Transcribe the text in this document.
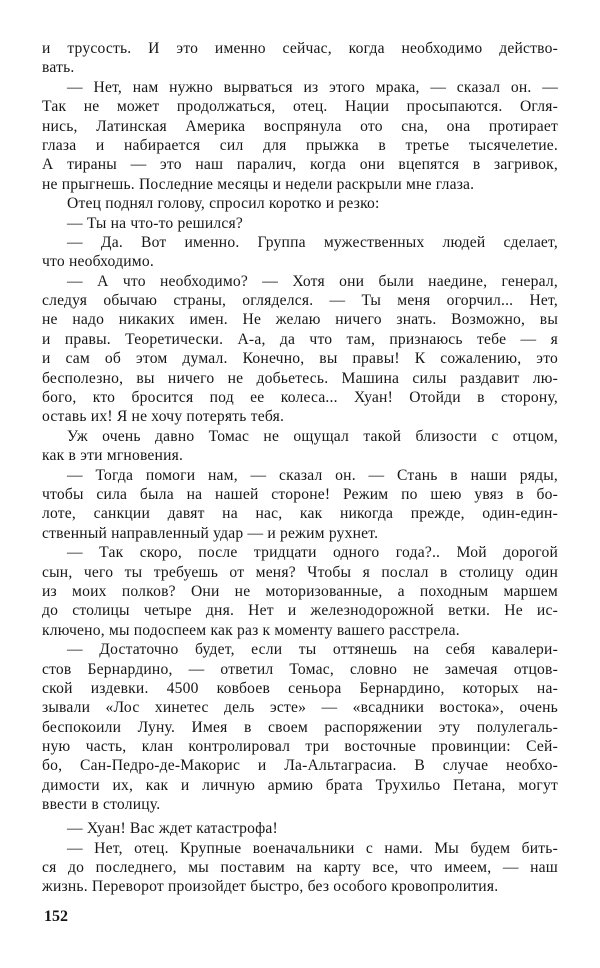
и трусость. И это именно сейчас, когда необходимо действо-
вать.
— Нет, нам нужно вырваться из этого мрака, — сказал он. —
Так не может продолжаться, отец. Нации просыпаются. Огля-
нись, Латинская Америка воспрянула ото сна, она протирает
глаза и набирается сил для прыжка в третье тысячелетие.
А тираны — это наш паралич, когда они вцепятся в загривок,
не прыгнешь. Последние месяцы и недели раскрыли мне глаза.
Отец поднял голову, спросил коротко и резко:
— Ты на что-то решился?
— Да. Вот именно. Группа мужественных людей сделает,
что необходимо.
— А что необходимо? — Хотя они были наедине, генерал,
следуя обычаю страны, огляделся. — Ты меня огорчил... Нет,
не надо никаких имен. Не желаю ничего знать. Возможно, вы
и правы. Теоретически. А-а, да что там, признаюсь тебе — я
и сам об этом думал. Конечно, вы правы! К сожалению, это
бесполезно, вы ничего не добьетесь. Машина силы раздавит лю-
бого, кто бросится под ее колеса... Хуан! Отойди в сторону,
оставь их! Я не хочу потерять тебя.
Уж очень давно Томас не ощущал такой близости с отцом,
как в эти мгновения.
— Тогда помоги нам, — сказал он. — Стань в наши ряды,
чтобы сила была на нашей стороне! Режим по шею увяз в бо-
лоте, санкции давят на нас, как никогда прежде, один-един-
ственный направленный удар — и режим рухнет.
— Так скоро, после тридцати одного года?.. Мой дорогой
сын, чего ты требуешь от меня? Чтобы я послал в столицу один
из моих полков? Они не моторизованные, а походным маршем
до столицы четыре дня. Нет и железнодорожной ветки. Не ис-
ключено, мы подоспеем как раз к моменту вашего расстрела.
— Достаточно будет, если ты оттянешь на себя кавалери-
стов Бернардино, — ответил Томас, словно не замечая отцов-
ской издевки. 4500 ковбоев сеньора Бернардино, которых на-
зывали «Лос хинетес дель эсте» — «всадники востока», очень
беспокоили Луну. Имея в своем распоряжении эту полулегаль-
ную часть, клан контролировал три восточные провинции: Сей-
бо, Сан-Педро-де-Макорис и Ла-Альтаграсиа. В случае необхо-
димости их, как и личную армию брата Трухильо Петана, могут
ввести в столицу.
— Хуан! Вас ждет катастрофа!
— Нет, отец. Крупные военачальники с нами. Мы будем бить-
ся до последнего, мы поставим на карту все, что имеем, — наш
жизнь. Переворот произойдет быстро, без особого кровопролития.
152
